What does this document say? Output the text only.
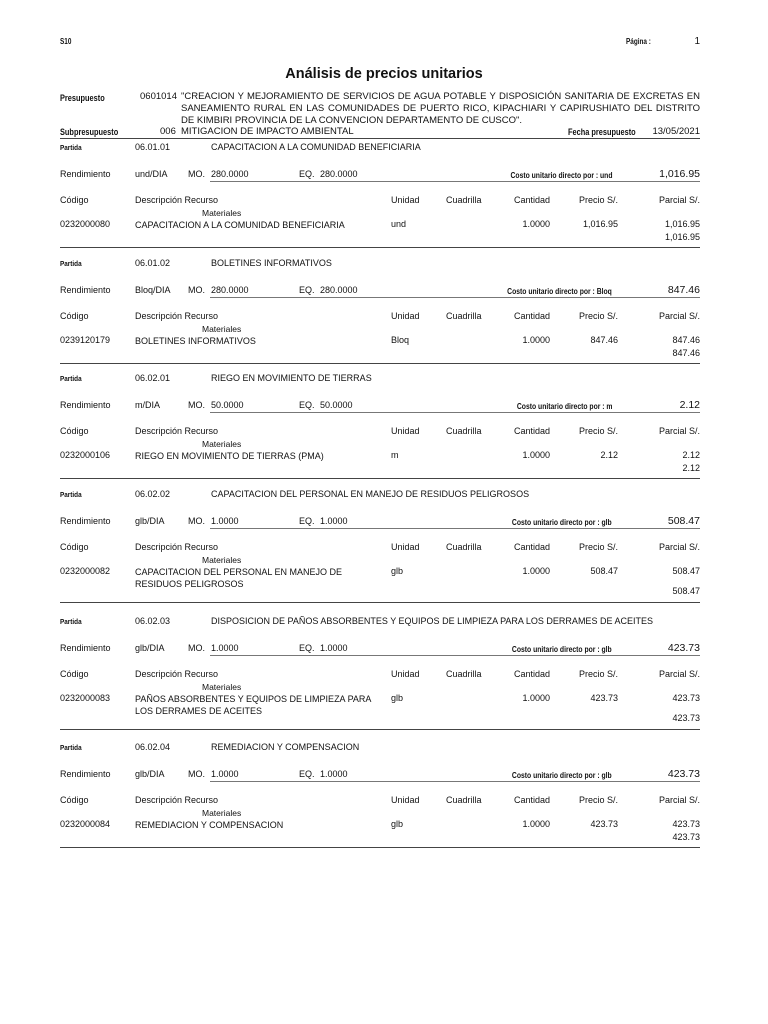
S10	Página :	1
Análisis de precios unitarios
Presupuesto	0601014 "CREACION Y MEJORAMIENTO DE SERVICIOS DE AGUA POTABLE Y DISPOSICIÓN SANITARIA DE EXCRETAS EN SANEAMIENTO RURAL EN LAS COMUNIDADES DE PUERTO RICO, KIPACHIARI Y CAPIRUSHIATO DEL DISTRITO DE KIMBIRI PROVINCIA DE LA CONVENCION DEPARTAMENTO DE CUSCO".
Subpresupuesto	006 MITIGACION DE IMPACTO AMBIENTAL	Fecha presupuesto 13/05/2021
Partida	06.01.01	CAPACITACION A LA COMUNIDAD BENEFICIARIA
Rendimiento	und/DIA MO. 280.0000	EQ. 280.0000	Costo unitario directo por : und	1,016.95
Código	Descripción Recurso	Unidad	Cuadrilla	Cantidad	Precio S/.	Parcial S/.
Materiales
0232000080	CAPACITACION A LA COMUNIDAD BENEFICIARIA	und	1.0000	1,016.95	1,016.95
1,016.95
Partida	06.01.02	BOLETINES INFORMATIVOS
Rendimiento	Bloq/DIA MO. 280.0000	EQ. 280.0000	Costo unitario directo por : Bloq	847.46
Código	Descripción Recurso	Unidad	Cuadrilla	Cantidad	Precio S/.	Parcial S/.
Materiales
0239120179	BOLETINES INFORMATIVOS	Bloq	1.0000	847.46	847.46
847.46
Partida	06.02.01	RIEGO EN MOVIMIENTO DE TIERRAS
Rendimiento	m/DIA	MO. 50.0000	EQ. 50.0000	Costo unitario directo por : m	2.12
Código	Descripción Recurso	Unidad	Cuadrilla	Cantidad	Precio S/.	Parcial S/.
Materiales
0232000106	RIEGO EN MOVIMIENTO DE TIERRAS (PMA)	m	1.0000	2.12	2.12
2.12
Partida	06.02.02	CAPACITACION DEL PERSONAL EN MANEJO DE RESIDUOS PELIGROSOS
Rendimiento	glb/DIA	MO. 1.0000	EQ. 1.0000	Costo unitario directo por : glb	508.47
Código	Descripción Recurso	Unidad	Cuadrilla	Cantidad	Precio S/.	Parcial S/.
Materiales
0232000082	CAPACITACION DEL PERSONAL EN MANEJO DE RESIDUOS PELIGROSOS
glb	1.0000	508.47	508.47
508.47
Partida	06.02.03	DISPOSICION DE PAÑOS ABSORBENTES Y EQUIPOS DE LIMPIEZA PARA LOS DERRAMES DE ACEITES
Rendimiento	glb/DIA	MO. 1.0000	EQ. 1.0000	Costo unitario directo por : glb	423.73
Código	Descripción Recurso	Unidad	Cuadrilla	Cantidad	Precio S/.	Parcial S/.
Materiales
0232000083	PAÑOS ABSORBENTES Y EQUIPOS DE LIMPIEZA PARA LOS DERRAMES DE ACEITES
glb	1.0000	423.73	423.73
423.73
Partida	06.02.04	REMEDIACION Y COMPENSACION
Rendimiento	glb/DIA	MO. 1.0000	EQ. 1.0000	Costo unitario directo por : glb	423.73
Código	Descripción Recurso	Unidad	Cuadrilla	Cantidad	Precio S/.	Parcial S/.
Materiales
0232000084	REMEDIACION Y COMPENSACION	glb	1.0000	423.73	423.73
423.73
